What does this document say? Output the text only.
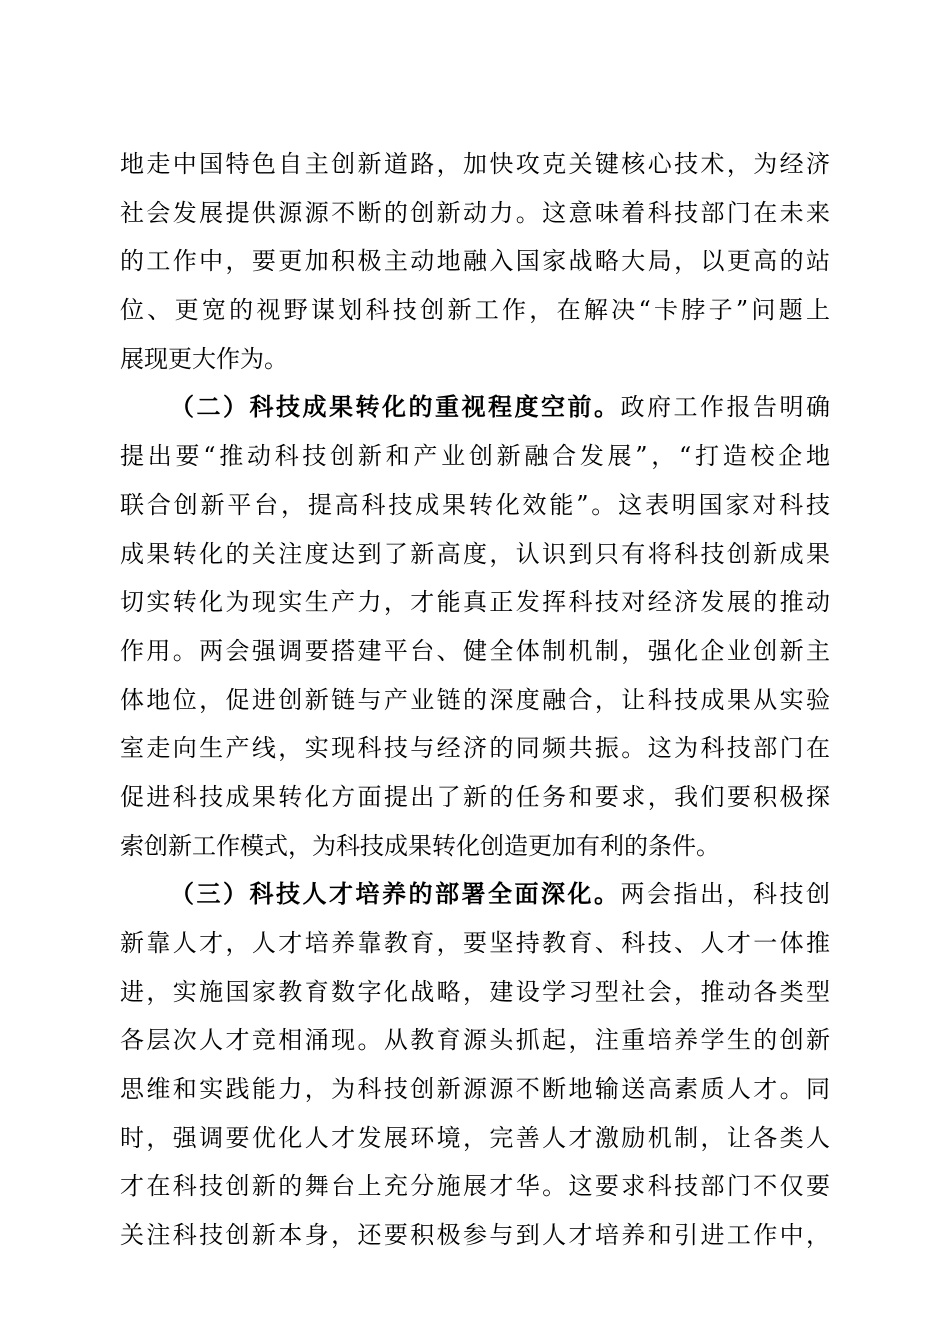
地走中国特色自主创新道路，加快攻克关键核心技术，为经济
社会发展提供源源不断的创新动力。这意味着科技部门在未来
的工作中，要更加积极主动地融入国家战略大局，以更高的站
位、更宽的视野谋划科技创新工作，在解决“卡脖子”问题上
展现更大作为。
（二）科技成果转化的重视程度空前。政府工作报告明确
提出要“推动科技创新和产业创新融合发展”，“打造校企地
联合创新平台，提高科技成果转化效能”。这表明国家对科技
成果转化的关注度达到了新高度，认识到只有将科技创新成果
切实转化为现实生产力，才能真正发挥科技对经济发展的推动
作用。两会强调要搭建平台、健全体制机制，强化企业创新主
体地位，促进创新链与产业链的深度融合，让科技成果从实验
室走向生产线，实现科技与经济的同频共振。这为科技部门在
促进科技成果转化方面提出了新的任务和要求，我们要积极探
索创新工作模式，为科技成果转化创造更加有利的条件。
（三）科技人才培养的部署全面深化。两会指出，科技创
新靠人才，人才培养靠教育，要坚持教育、科技、人才一体推
进，实施国家教育数字化战略，建设学习型社会，推动各类型
各层次人才竞相涌现。从教育源头抓起，注重培养学生的创新
思维和实践能力，为科技创新源源不断地输送高素质人才。同
时，强调要优化人才发展环境，完善人才激励机制，让各类人
才在科技创新的舞台上充分施展才华。这要求科技部门不仅要
关注科技创新本身，还要积极参与到人才培养和引进工作中，
